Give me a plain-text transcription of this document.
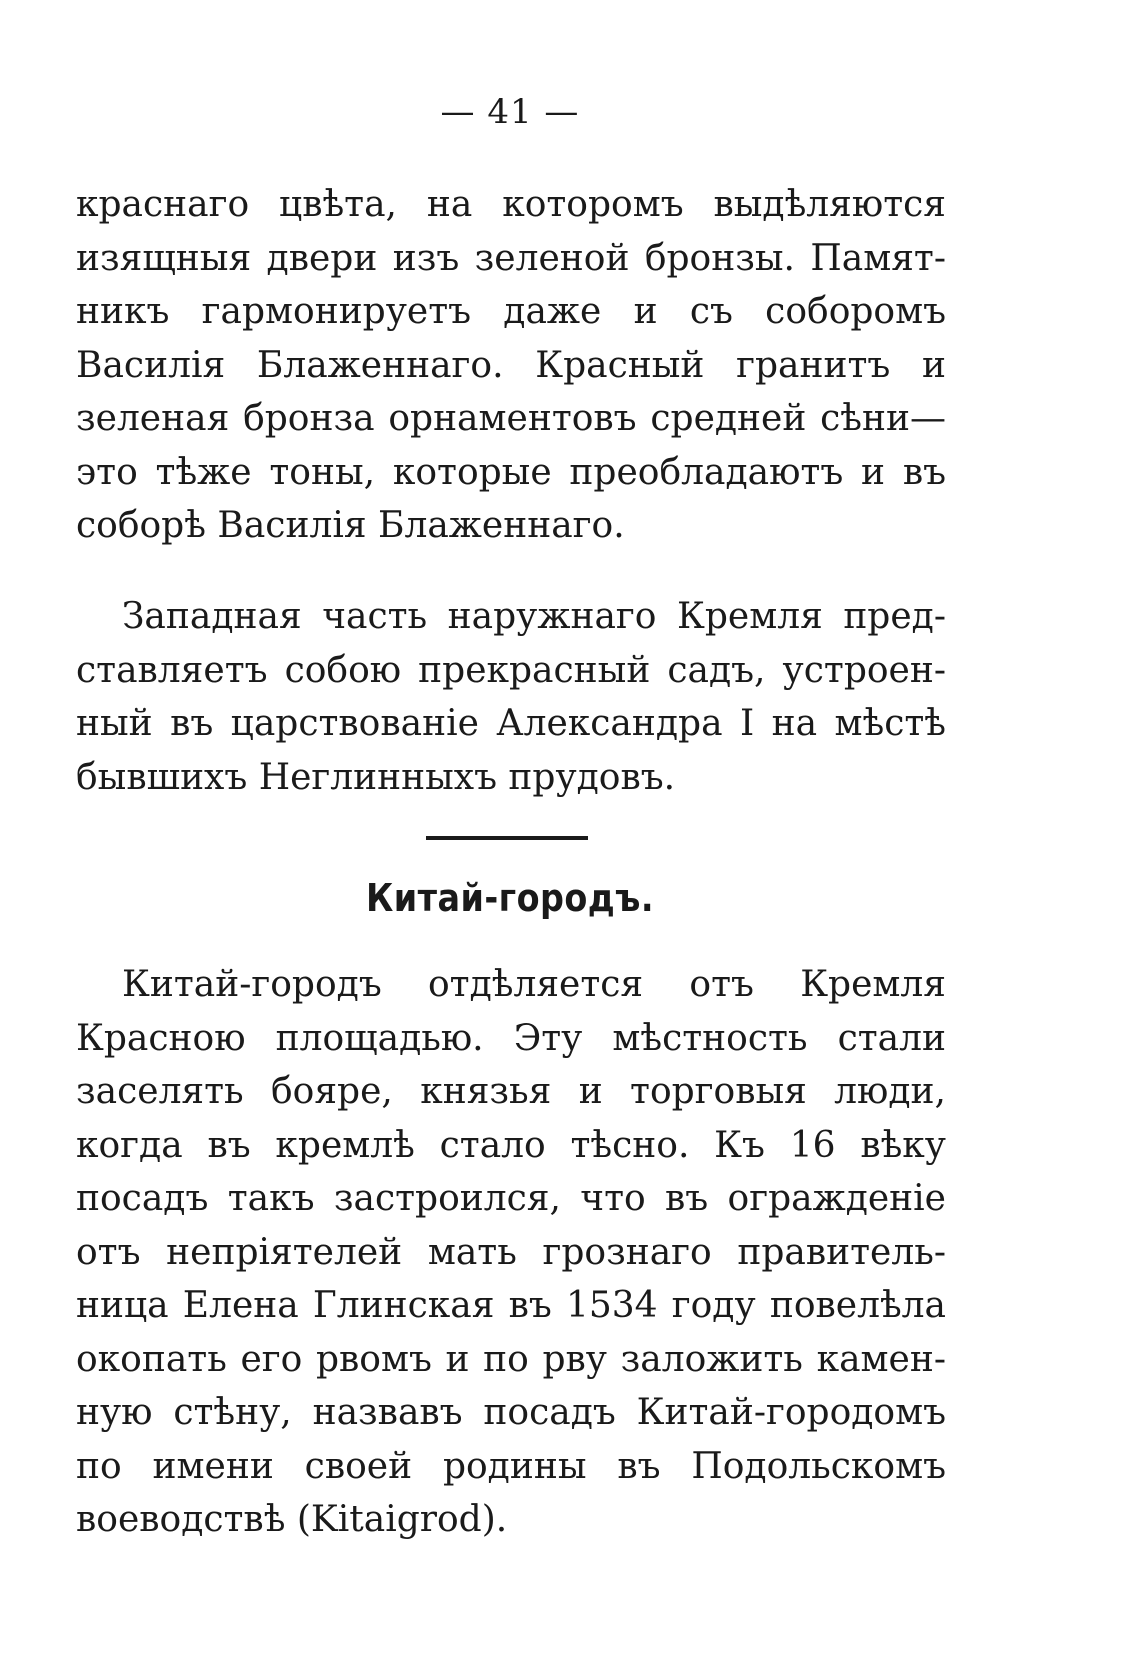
— 41 —
краснаго цвѣта, на которомъ выдѣляются
изящныя двери изъ зеленой бронзы. Памят-
никъ гармонируетъ даже и съ соборомъ
Василія Блаженнаго. Красный гранитъ и
зеленая бронза орнаментовъ средней сѣни—
это тѣже тоны, которые преобладаютъ и въ
соборѣ Василія Блаженнаго.
Западная часть наружнаго Кремля пред-
ставляетъ собою прекрасный садъ, устроен-
ный въ царствованіе Александра I на мѣстѣ
бывшихъ Неглинныхъ прудовъ.
Китай-городъ.
Китай-городъ отдѣляется отъ Кремля
Красною площадью. Эту мѣстность стали
заселять бояре, князья и торговыя люди,
когда въ кремлѣ стало тѣсно. Къ 16 вѣку
посадъ такъ застроился, что въ огражденіе
отъ непріятелей мать грознаго правитель-
ница Елена Глинская въ 1534 году повелѣла
окопать его рвомъ и по рву заложить камен-
ную стѣну, назвавъ посадъ Китай-городомъ
по имени своей родины въ Подольскомъ
воеводствѣ (Kitaigrod).
